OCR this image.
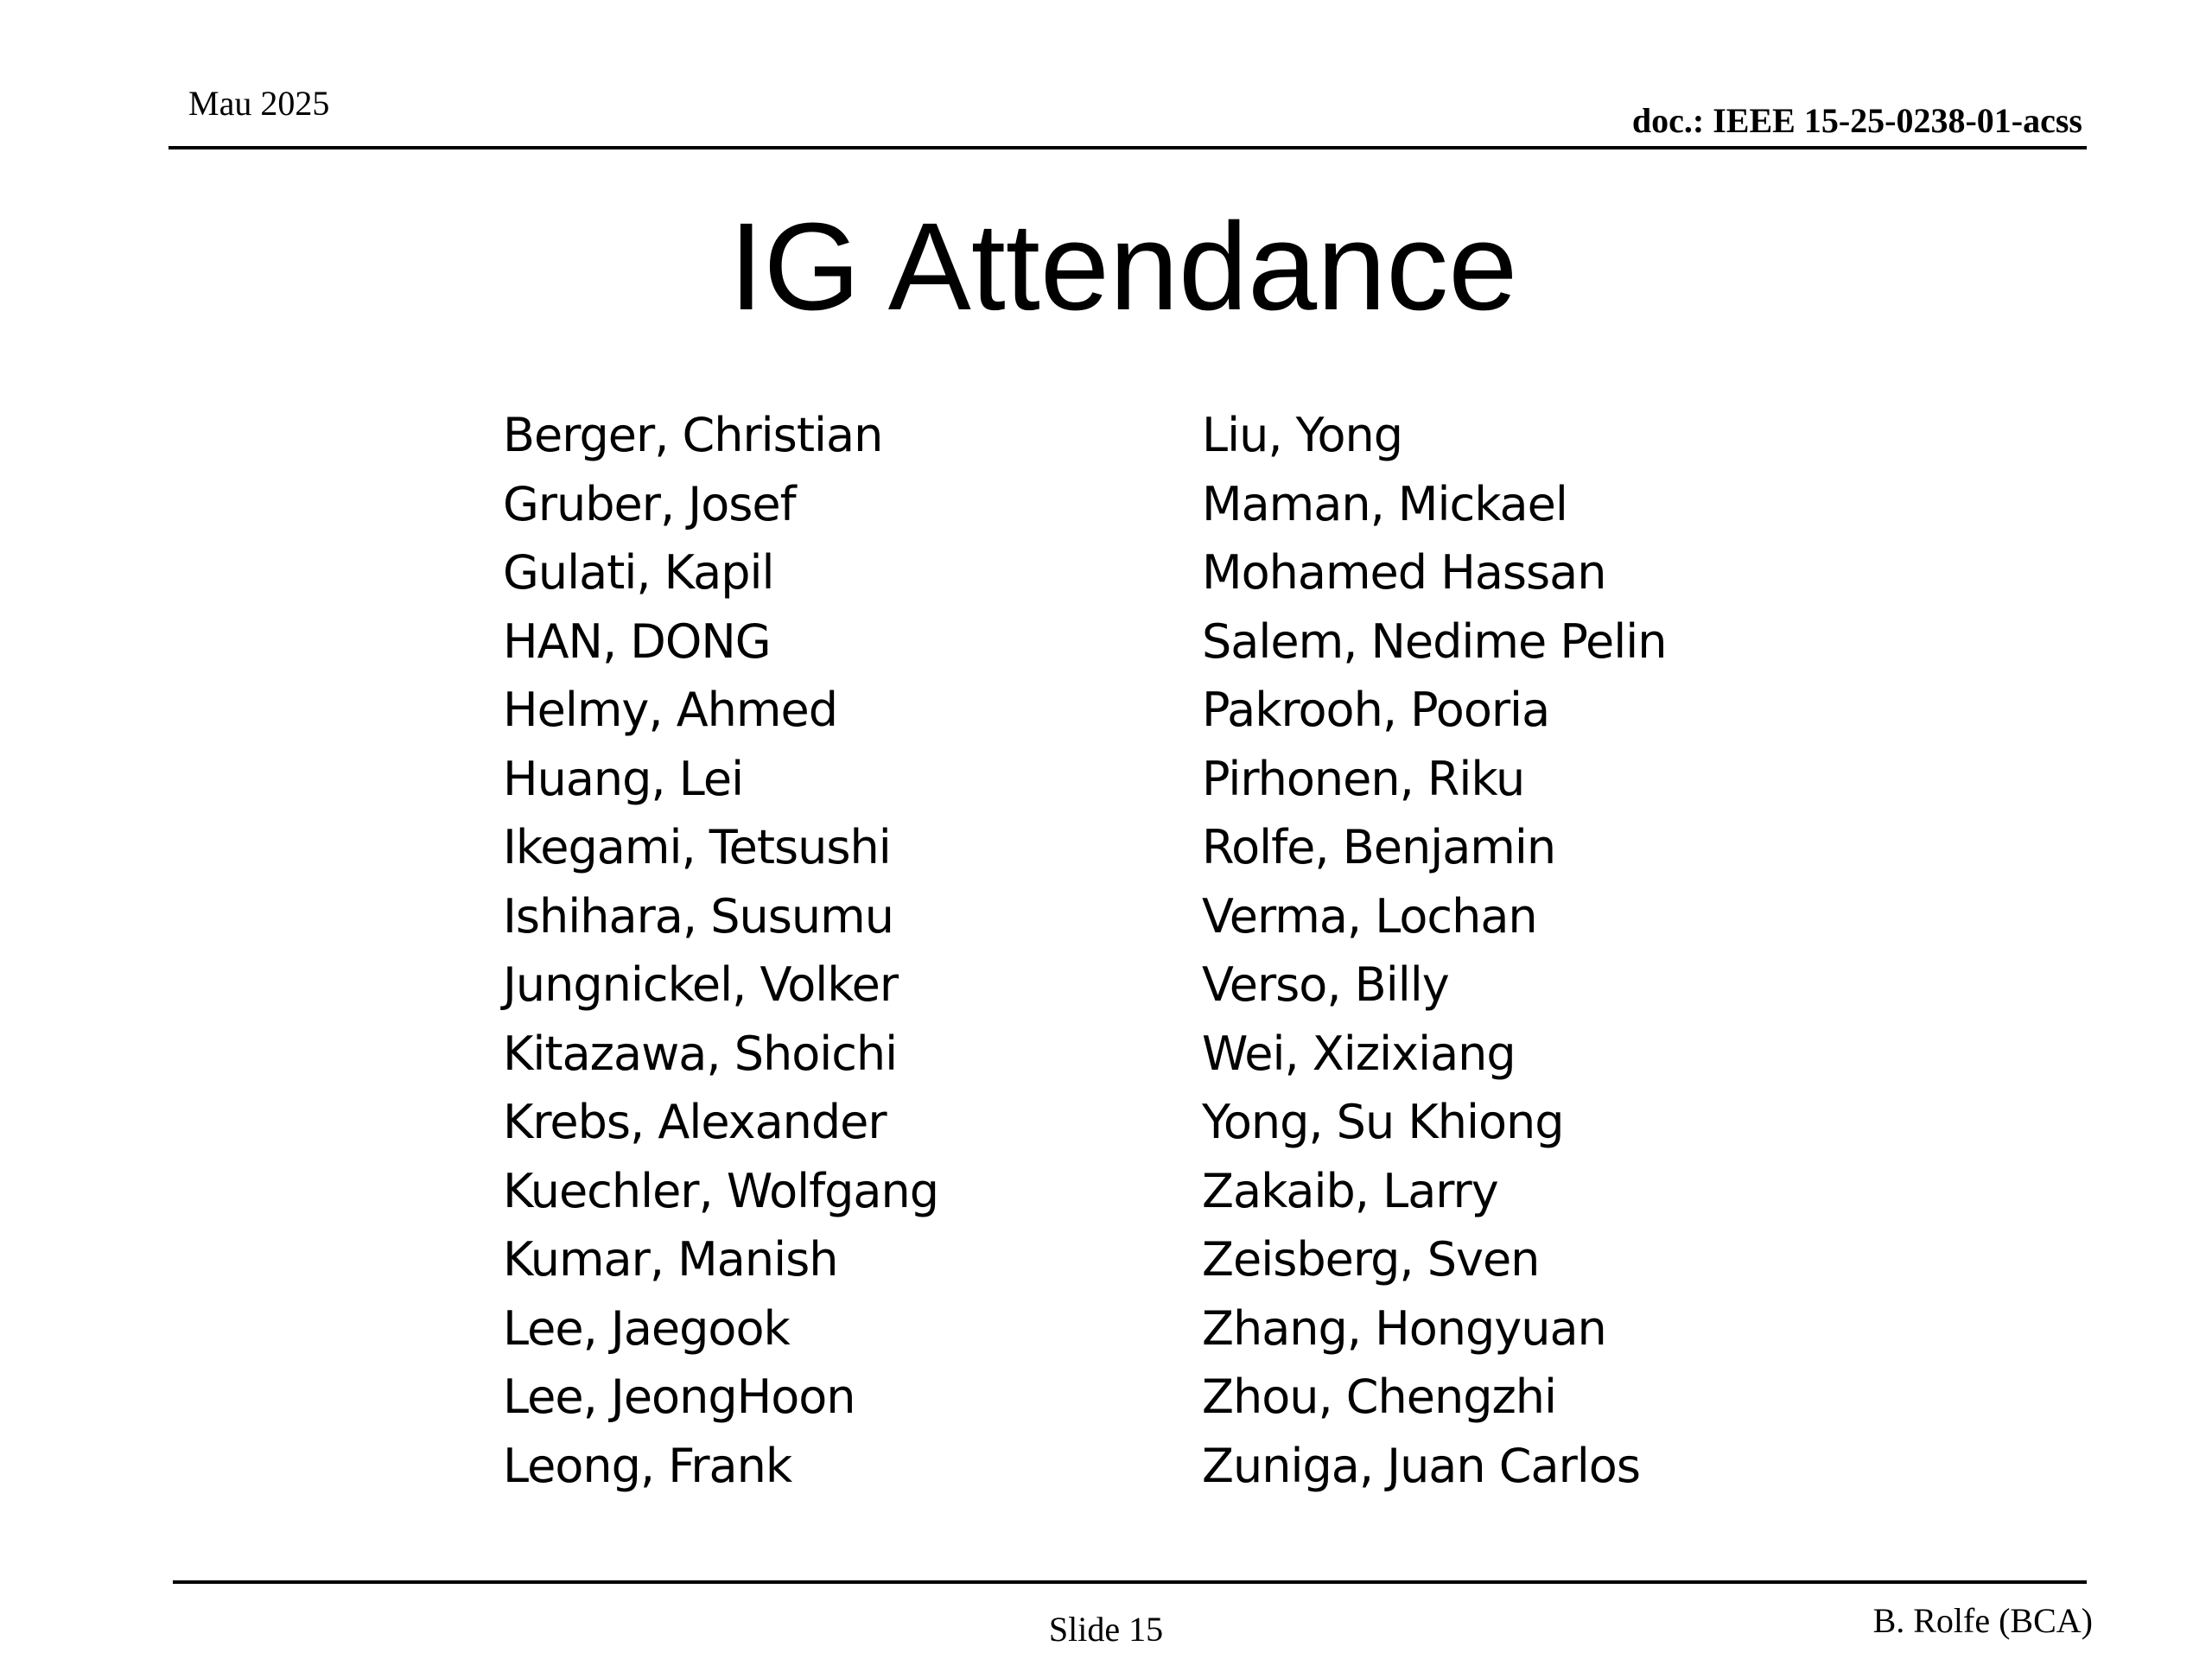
Mau 2025	doc.: IEEE 15-25-0238-01-acss
IG Attendance
Berger, Christian
Gruber, Josef
Gulati, Kapil
HAN, DONG
Helmy, Ahmed
Huang, Lei
Ikegami, Tetsushi
Ishihara, Susumu
Jungnickel, Volker
Kitazawa, Shoichi
Krebs, Alexander
Kuechler, Wolfgang
Kumar, Manish
Lee, Jaegook
Lee, JeongHoon
Leong, Frank
Liu, Yong
Maman, Mickael
Mohamed Hassan
Salem, Nedime Pelin
Pakrooh, Pooria
Pirhonen, Riku
Rolfe, Benjamin
Verma, Lochan
Verso, Billy
Wei, Xizixiang
Yong, Su Khiong
Zakaib, Larry
Zeisberg, Sven
Zhang, Hongyuan
Zhou, Chengzhi
Zuniga, Juan Carlos
Slide 15	B. Rolfe (BCA)
